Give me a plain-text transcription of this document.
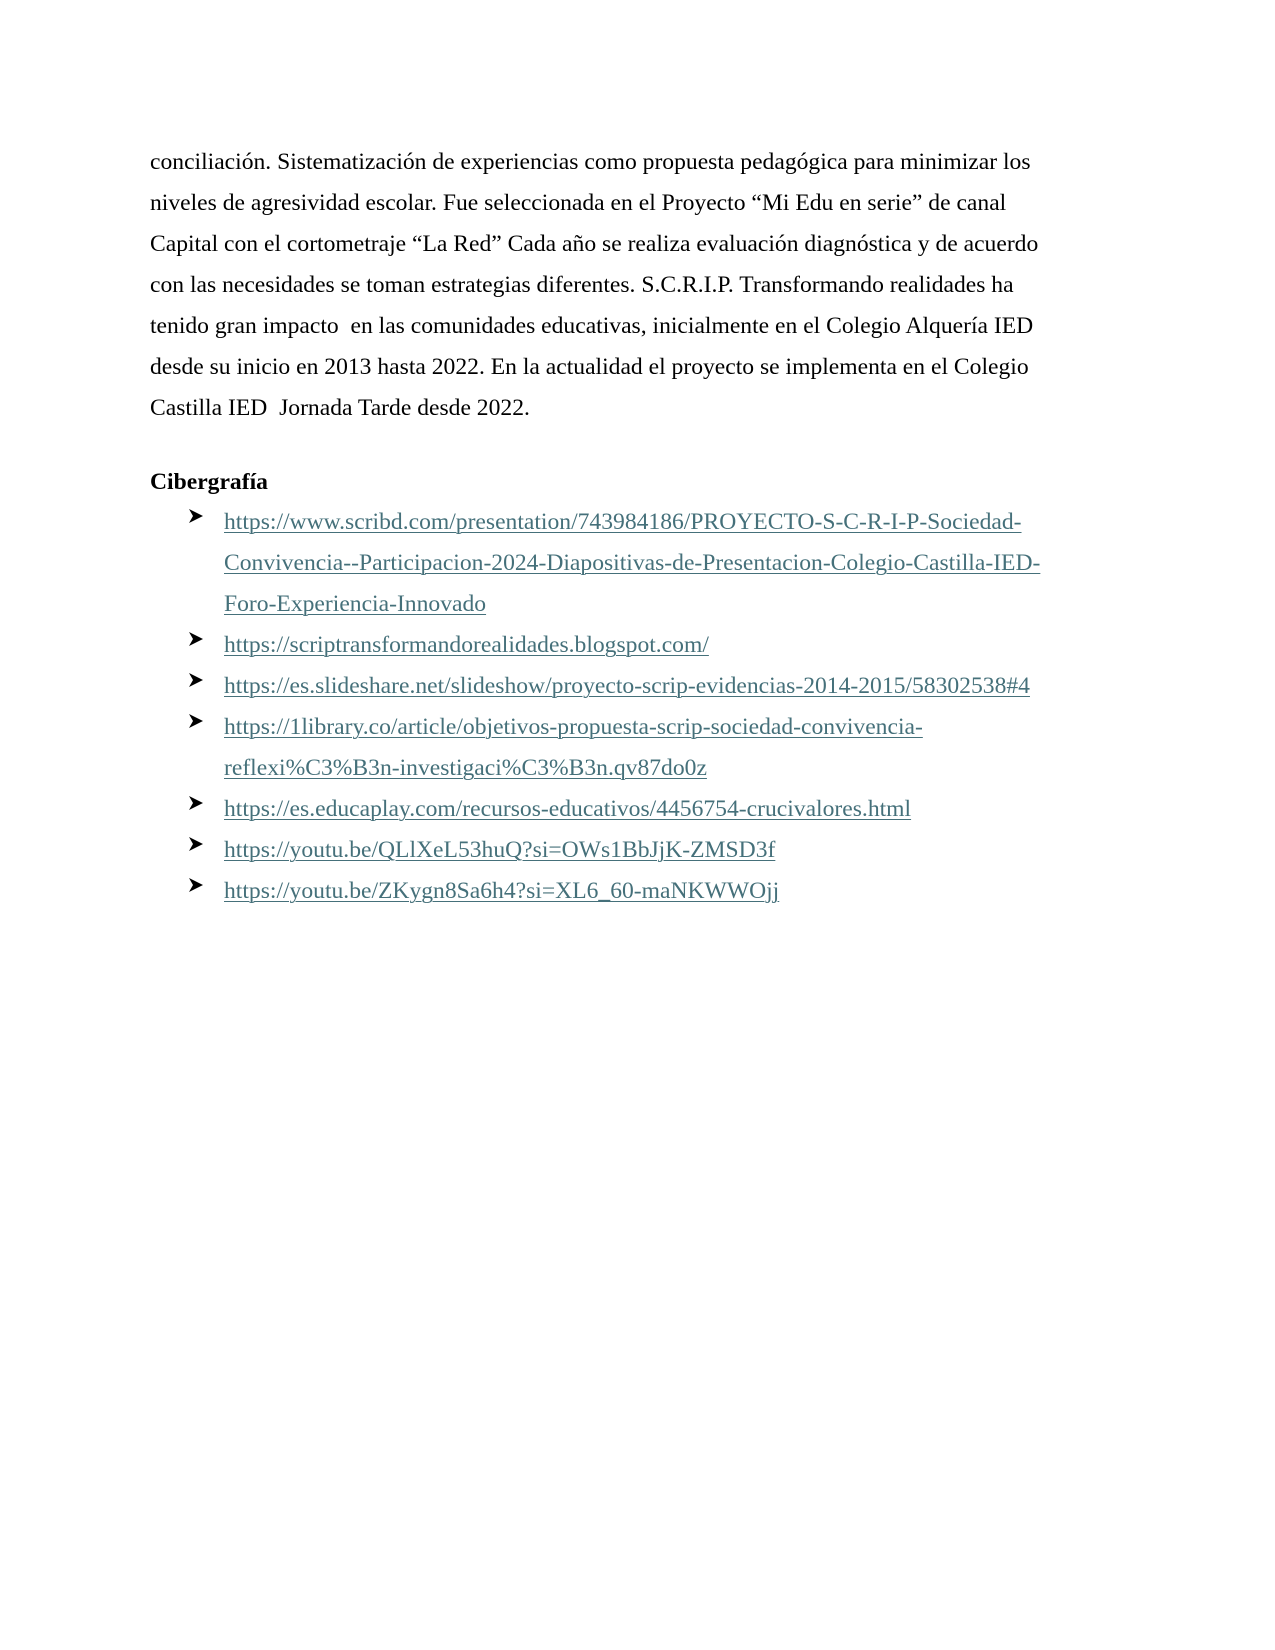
conciliación. Sistematización de experiencias como propuesta pedagógica para minimizar los
niveles de agresividad escolar. Fue seleccionada en el Proyecto “Mi Edu en serie” de canal
Capital con el cortometraje “La Red” Cada año se realiza evaluación diagnóstica y de acuerdo
con las necesidades se toman estrategias diferentes. S.C.R.I.P. Transformando realidades ha
tenido gran impacto  en las comunidades educativas, inicialmente en el Colegio Alquería IED
desde su inicio en 2013 hasta 2022. En la actualidad el proyecto se implementa en el Colegio
Castilla IED  Jornada Tarde desde 2022.
Cibergrafía
https://www.scribd.com/presentation/743984186/PROYECTO-S-C-R-I-P-Sociedad-
Convivencia--Participacion-2024-Diapositivas-de-Presentacion-Colegio-Castilla-IED-
Foro-Experiencia-Innovado
https://scriptransformandorealidades.blogspot.com/
https://es.slideshare.net/slideshow/proyecto-scrip-evidencias-2014-2015/58302538#4
https://1library.co/article/objetivos-propuesta-scrip-sociedad-convivencia-
reflexi%C3%B3n-investigaci%C3%B3n.qv87do0z
https://es.educaplay.com/recursos-educativos/4456754-crucivalores.html
https://youtu.be/QLlXeL53huQ?si=OWs1BbJjK-ZMSD3f
https://youtu.be/ZKygn8Sa6h4?si=XL6_60-maNKWWOjj
